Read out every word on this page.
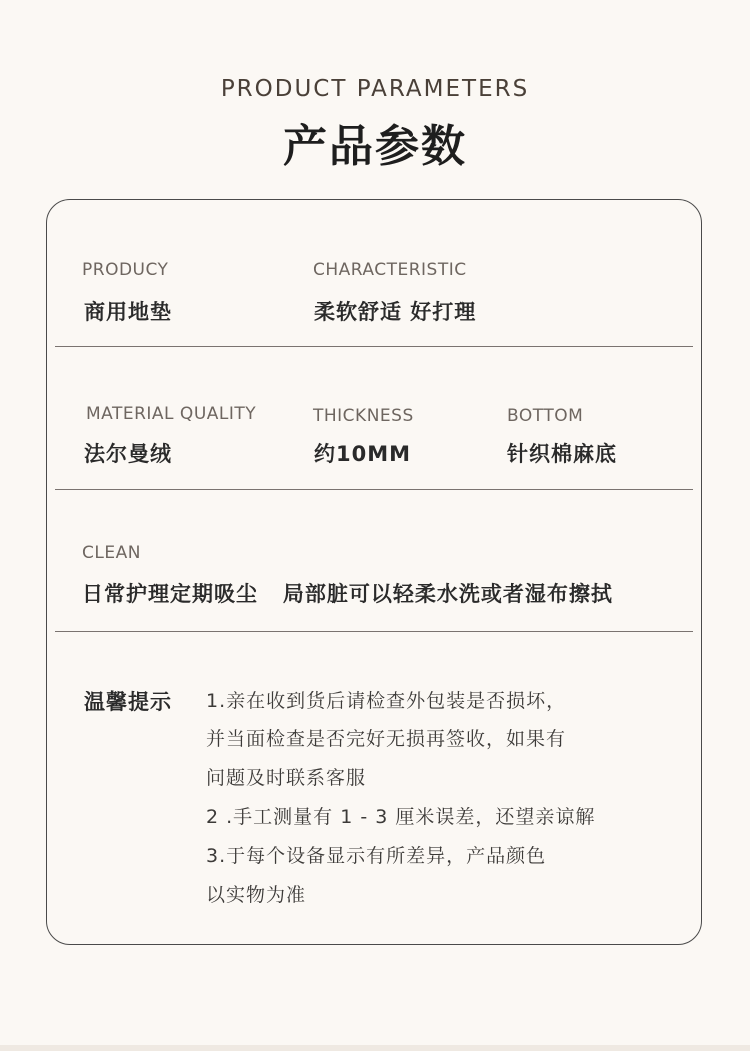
PRODUCT PARAMETERS
产品参数
PRODUCY
商用地垫
CHARACTERISTIC
柔软舒适 好打理
MATERIAL QUALITY
法尔曼绒
THICKNESS
约10MM
BOTTOM
针织棉麻底
CLEAN
日常护理定期吸尘   局部脏可以轻柔水洗或者湿布擦拭
温馨提示 1.亲在收到货后请检查外包装是否损坏，
并当面检查是否完好无损再签收，如果有
问题及时联系客服
2 .手工测量有 1 - 3 厘米误差，还望亲谅解
3.于每个设备显示有所差异，产品颜色
以实物为准
